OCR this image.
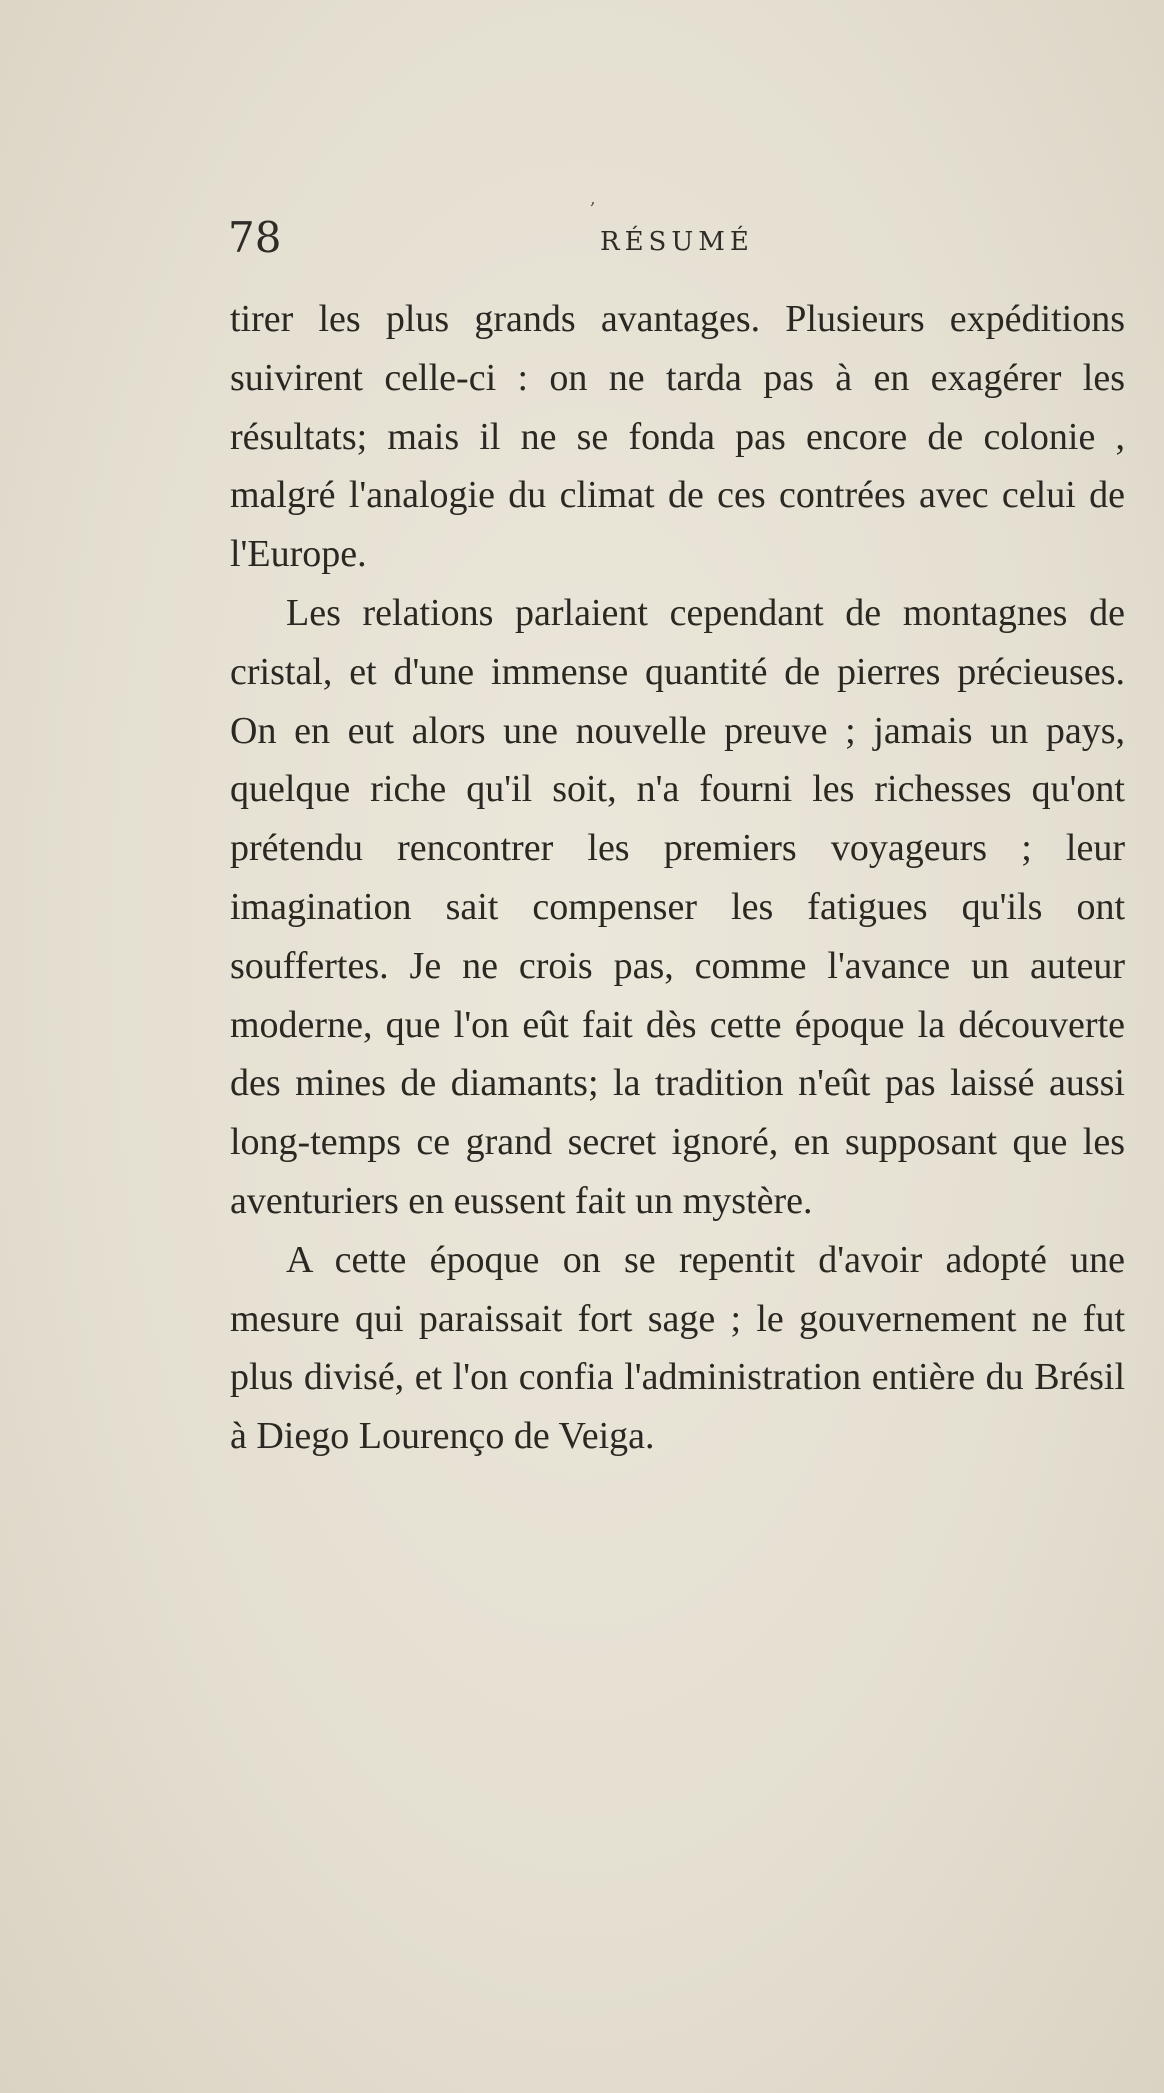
,
78	RÉSUMÉ

tirer les plus grands avantages. Plusieurs expéditions suivirent celle-ci : on ne tarda pas à en exagérer les résultats; mais il ne se fonda pas encore de colonie , malgré l'analogie du climat de ces contrées avec celui de l'Europe.

Les relations parlaient cependant de montagnes de cristal, et d'une immense quantité de pierres précieuses. On en eut alors une nouvelle preuve ; jamais un pays, quelque riche qu'il soit, n'a fourni les richesses qu'ont prétendu rencontrer les premiers voyageurs ; leur imagination sait compenser les fatigues qu'ils ont souffertes. Je ne crois pas, comme l'avance un auteur moderne, que l'on eût fait dès cette époque la découverte des mines de diamants; la tradition n'eût pas laissé aussi long-temps ce grand secret ignoré, en supposant que les aventuriers en eussent fait un mystère.

A cette époque on se repentit d'avoir adopté une mesure qui paraissait fort sage ; le gouvernement ne fut plus divisé, et l'on confia l'administration entière du Brésil à Diego Lourenço de Veiga.
